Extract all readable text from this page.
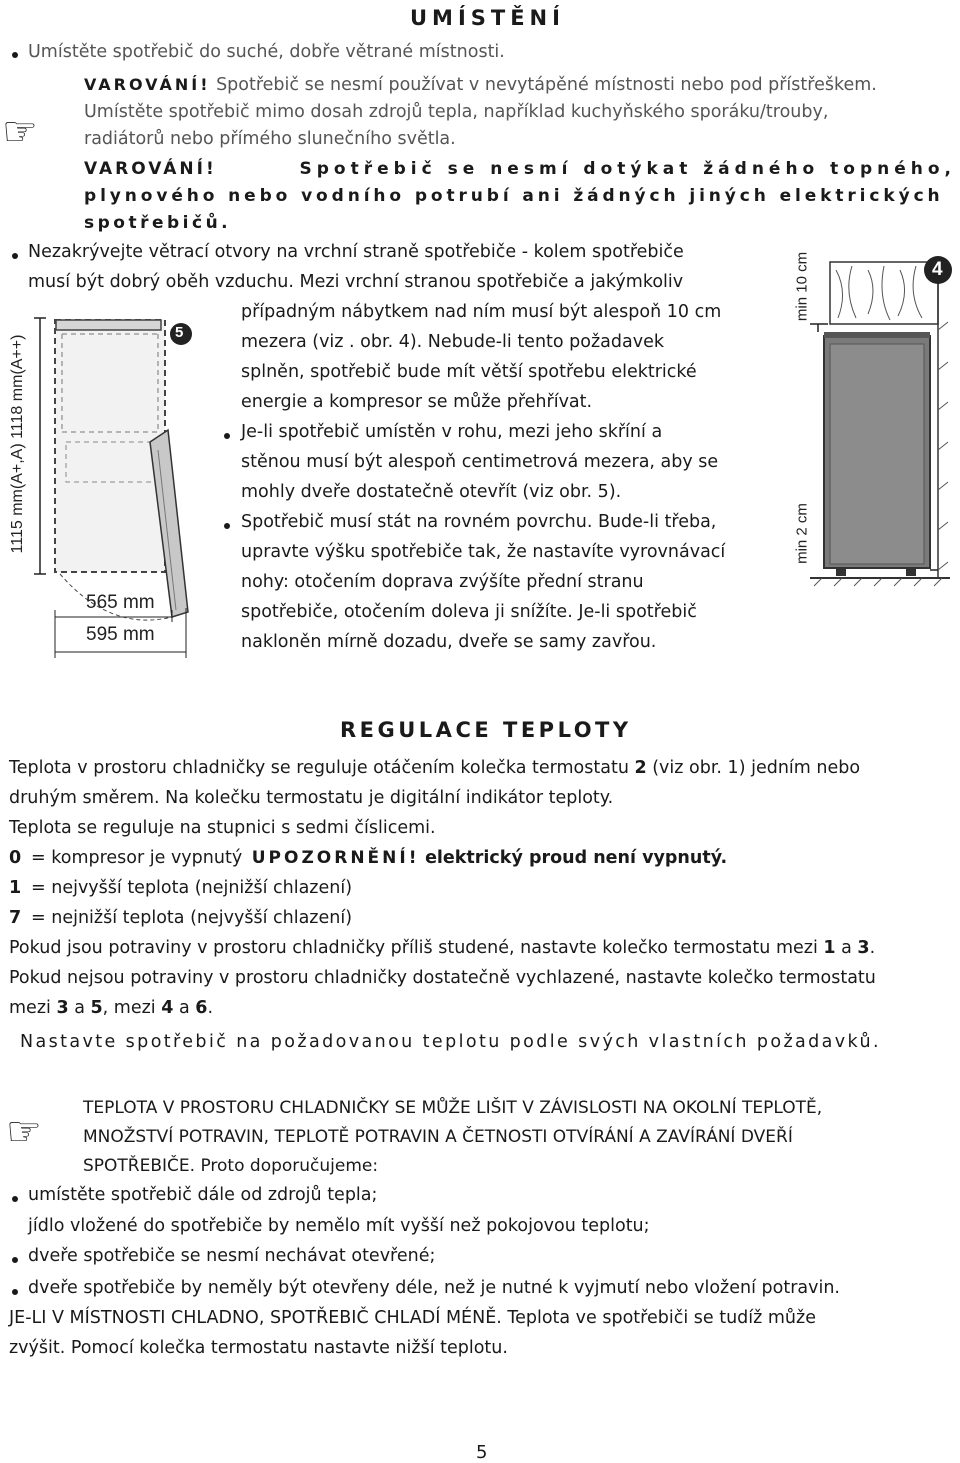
UMÍSTĚNÍ
Umístěte spotřebič do suché, dobře větrané místnosti.
VAROVÁNÍ! Spotřebič se nesmí používat v nevytápěné místnosti nebo pod přístřeškem.
Umístěte spotřebič mimo dosah zdrojů tepla, například kuchyňského sporáku/trouby,
radiátorů nebo přímého slunečního světla.
☞
VAROVÁNÍ!	Spotřebič se nesmí dotýkat žádného topného,
plynového nebo vodního potrubí ani žádných jiných elektrických
spotřebičů.
Nezakrývejte větrací otvory na vrchní straně spotřebiče - kolem spotřebiče
musí být dobrý oběh vzduchu. Mezi vrchní stranou spotřebiče a jakýmkoliv
případným nábytkem nad ním musí být alespoň 10 cm
mezera (viz . obr. 4). Nebude-li tento požadavek
splněn, spotřebič bude mít větší spotřebu elektrické
energie a kompresor se může přehřívat.
Je-li spotřebič umístěn v rohu, mezi jeho skříní a
stěnou musí být alespoň centimetrová mezera, aby se
mohly dveře dostatečně otevřít (viz obr. 5).
Spotřebič musí stát na rovném povrchu. Bude-li třeba,
upravte výšku spotřebiče tak, že nastavíte vyrovnávací
nohy: otočením doprava zvýšíte přední stranu
spotřebiče, otočením doleva ji snížíte. Je-li spotřebič
nakloněn mírně dozadu, dveře se samy zavřou.
5
1115 mm(A+,A) 1118 mm(A++)
565 mm
595 mm
4
min 10 cm
min 2 cm
REGULACE TEPLOTY
Teplota v prostoru chladničky se reguluje otáčením kolečka termostatu 2 (viz obr. 1) jedním nebo
druhým směrem. Na kolečku termostatu je digitální indikátor teploty.
Teplota se reguluje na stupnici s sedmi číslicemi.
0 = kompresor je vypnutý UPOZORNĚNÍ! elektrický proud není vypnutý.
1 = nejvyšší teplota (nejnižší chlazení)
7 = nejnižší teplota (nejvyšší chlazení)
Pokud jsou potraviny v prostoru chladničky příliš studené, nastavte kolečko termostatu mezi 1 a 3.
Pokud nejsou potraviny v prostoru chladničky dostatečně vychlazené, nastavte kolečko termostatu
mezi 3 a 5, mezi 4 a 6.
Nastavte spotřebič na požadovanou teplotu podle svých vlastních požadavků.
☞
TEPLOTA V PROSTORU CHLADNIČKY SE MŮŽE LIŠIT V ZÁVISLOSTI NA OKOLNÍ TEPLOTĚ,
MNOŽSTVÍ POTRAVIN, TEPLOTĚ POTRAVIN A ČETNOSTI OTVÍRÁNÍ A ZAVÍRÁNÍ DVEŘÍ
SPOTŘEBIČE. Proto doporučujeme:
umístěte spotřebič dále od zdrojů tepla;
jídlo vložené do spotřebiče by nemělo mít vyšší než pokojovou teplotu;
dveře spotřebiče se nesmí nechávat otevřené;
dveře spotřebiče by neměly být otevřeny déle, než je nutné k vyjmutí nebo vložení potravin.
JE-LI V MÍSTNOSTI CHLADNO, SPOTŘEBIČ CHLADÍ MÉNĚ. Teplota ve spotřebiči se tudíž může
zvýšit. Pomocí kolečka termostatu nastavte nižší teplotu.
5
